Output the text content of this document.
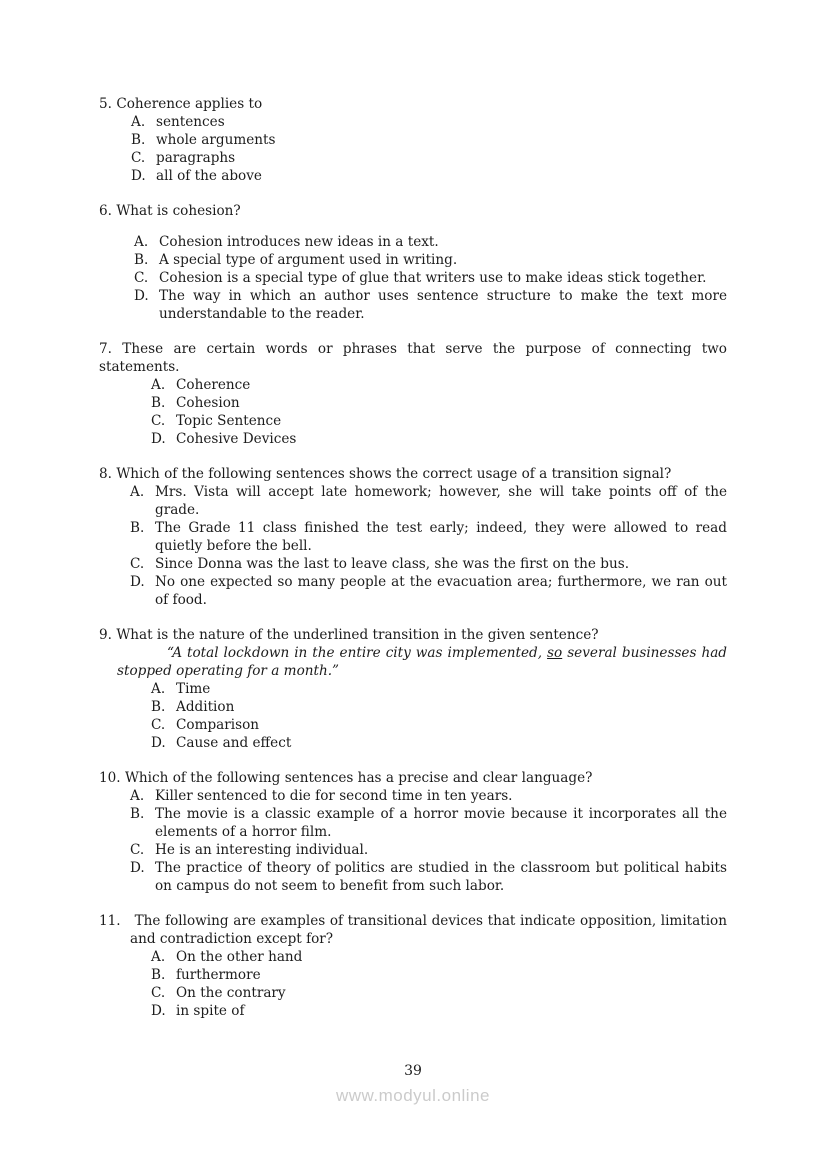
5. Coherence applies to

A. sentences

B. whole arguments

C. paragraphs

D. all of the above

6. What is cohesion?

A. Cohesion introduces new ideas in a text.

B. A special type of argument used in writing.

C. Cohesion is a special type of glue that writers use to make ideas stick together.

D. The way in which an author uses sentence structure to make the text more understandable to the reader.

7. These are certain words or phrases that serve the purpose of connecting two statements.

A. Coherence

B. Cohesion

C. Topic Sentence

D. Cohesive Devices

8. Which of the following sentences shows the correct usage of a transition signal?

A. Mrs. Vista will accept late homework; however, she will take points off of the grade.

B. The Grade 11 class finished the test early; indeed, they were allowed to read quietly before the bell.

C. Since Donna was the last to leave class, she was the first on the bus.

D. No one expected so many people at the evacuation area; furthermore, we ran out of food.

9. What is the nature of the underlined transition in the given sentence?

“A total lockdown in the entire city was implemented, so several businesses had stopped operating for a month.”

A. Time

B. Addition

C. Comparison

D. Cause and effect

10. Which of the following sentences has a precise and clear language?

A. Killer sentenced to die for second time in ten years.

B. The movie is a classic example of a horror movie because it incorporates all the elements of a horror film.

C. He is an interesting individual.

D. The practice of theory of politics are studied in the classroom but political habits on campus do not seem to benefit from such labor.

11. The following are examples of transitional devices that indicate opposition, limitation and contradiction except for?

A. On the other hand

B. furthermore

C. On the contrary

D. in spite of

39

www.modyul.online
